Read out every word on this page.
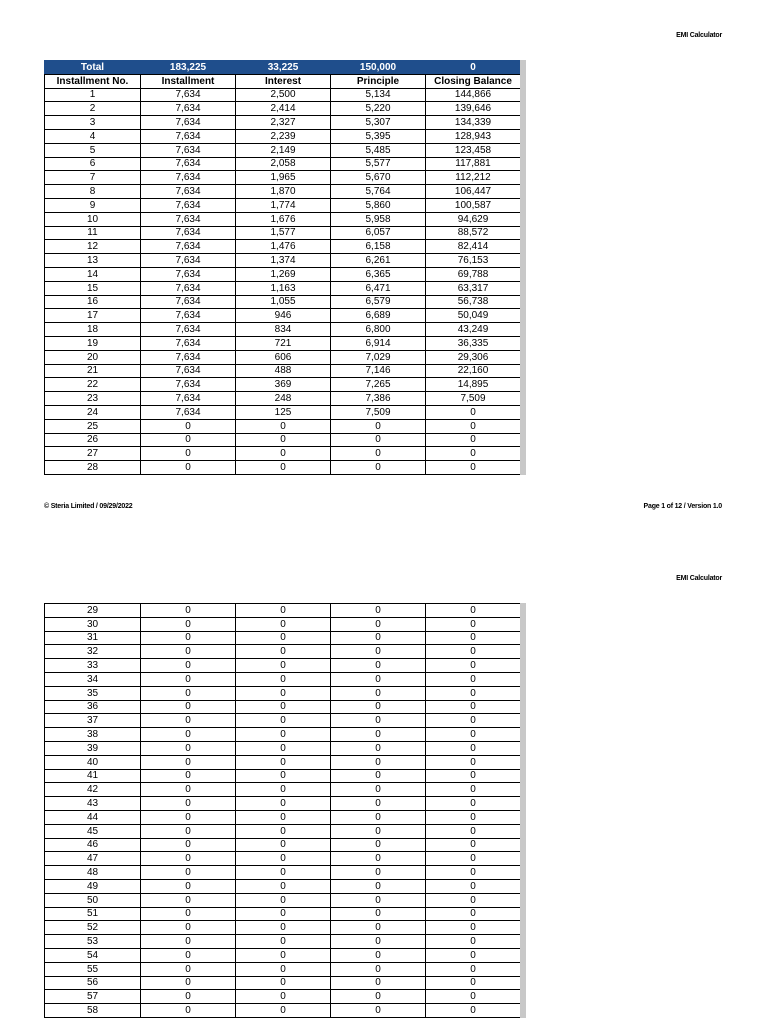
EMI Calculator
Total	183,225	33,225	150,000	0
Installment No.	Installment	Interest	Principle	Closing Balance
1	7,634	2,500	5,134	144,866
2	7,634	2,414	5,220	139,646
3	7,634	2,327	5,307	134,339
4	7,634	2,239	5,395	128,943
5	7,634	2,149	5,485	123,458
6	7,634	2,058	5,577	117,881
7	7,634	1,965	5,670	112,212
8	7,634	1,870	5,764	106,447
9	7,634	1,774	5,860	100,587
10	7,634	1,676	5,958	94,629
11	7,634	1,577	6,057	88,572
12	7,634	1,476	6,158	82,414
13	7,634	1,374	6,261	76,153
14	7,634	1,269	6,365	69,788
15	7,634	1,163	6,471	63,317
16	7,634	1,055	6,579	56,738
17	7,634	946	6,689	50,049
18	7,634	834	6,800	43,249
19	7,634	721	6,914	36,335
20	7,634	606	7,029	29,306
21	7,634	488	7,146	22,160
22	7,634	369	7,265	14,895
23	7,634	248	7,386	7,509
24	7,634	125	7,509	0
25	0	0	0	0
26	0	0	0	0
27	0	0	0	0
28	0	0	0	0
© Steria Limited / 09/29/2022	Page 1 of 12 / Version 1.0
EMI Calculator
29	0	0	0	0
30	0	0	0	0
31	0	0	0	0
32	0	0	0	0
33	0	0	0	0
34	0	0	0	0
35	0	0	0	0
36	0	0	0	0
37	0	0	0	0
38	0	0	0	0
39	0	0	0	0
40	0	0	0	0
41	0	0	0	0
42	0	0	0	0
43	0	0	0	0
44	0	0	0	0
45	0	0	0	0
46	0	0	0	0
47	0	0	0	0
48	0	0	0	0
49	0	0	0	0
50	0	0	0	0
51	0	0	0	0
52	0	0	0	0
53	0	0	0	0
54	0	0	0	0
55	0	0	0	0
56	0	0	0	0
57	0	0	0	0
58	0	0	0	0
